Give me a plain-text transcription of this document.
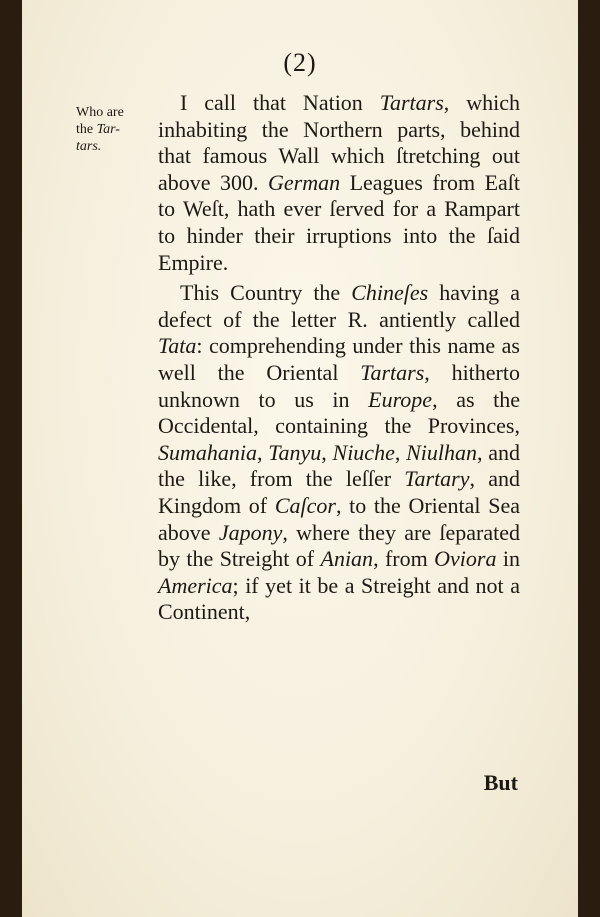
(2)
Who are
the Tar-
tars.

I call that Nation Tartars, which inhabiting the Northern parts, behind that famous Wall which ſtretching out above 300. German Leagues from Eaſt to Weſt, hath ever ſerved for a Rampart to hinder their irruptions into the ſaid Empire.

This Country the Chineſes having a defect of the letter R. antiently called Tata: comprehending under this name as well the Oriental Tartars, hitherto unknown to us in Europe, as the Occidental, containing the Provinces, Sumahania, Tanyu, Niuche, Niulhan, and the like, from the leſſer Tartary, and Kingdom of Caſcor, to the Oriental Sea above Japony, where they are ſeparated by the Streight of Anian, from Oviora in America; if yet it be a Streight and not a Continent,

But
